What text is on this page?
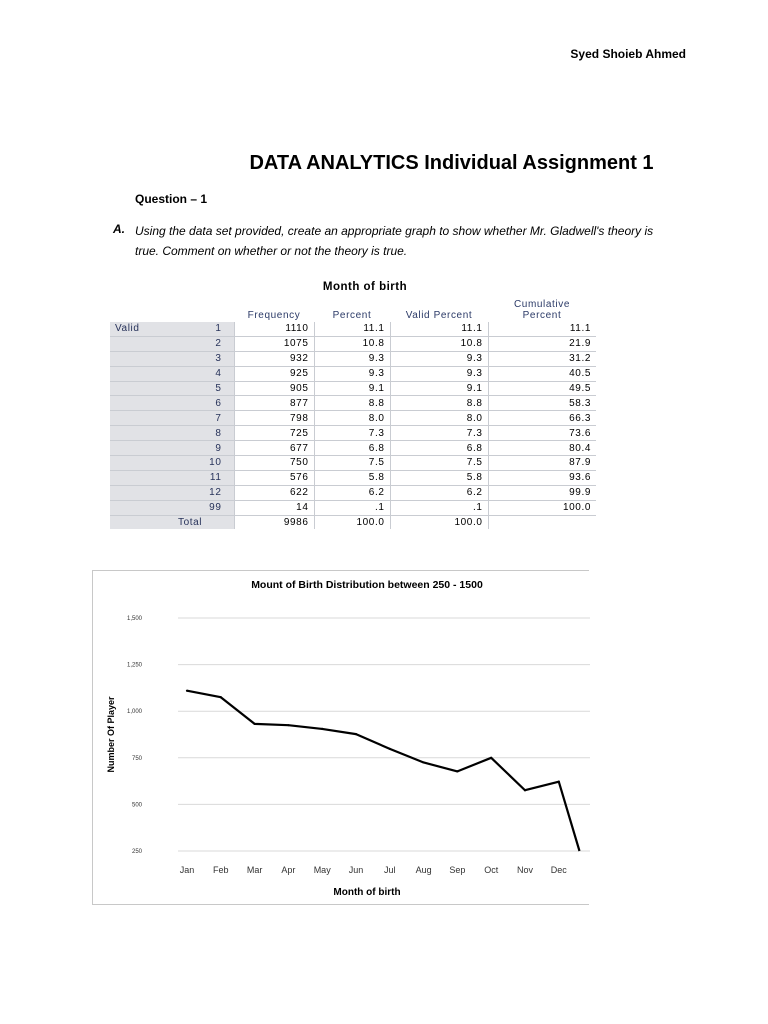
Syed Shoieb Ahmed
DATA ANALYTICS Individual Assignment 1
Question – 1
A. Using the data set provided, create an appropriate graph to show whether Mr. Gladwell's theory is true. Comment on whether or not the theory is true.
Month of birth
		Frequency	Percent	Valid Percent	Cumulative
Percent
Valid	1	1110	11.1	11.1	11.1
	2	1075	10.8	10.8	21.9
	3	932	9.3	9.3	31.2
	4	925	9.3	9.3	40.5
	5	905	9.1	9.1	49.5
	6	877	8.8	8.8	58.3
	7	798	8.0	8.0	66.3
	8	725	7.3	7.3	73.6
	9	677	6.8	6.8	80.4
	10	750	7.5	7.5	87.9
	11	576	5.8	5.8	93.6
	12	622	6.2	6.2	99.9
	99	14	.1	.1	100.0
Total		9986	100.0	100.0	
Mount of Birth Distribution between 250 - 1500
250
500
750
1,000
1,250
1,500
Jan Feb Mar Apr May Jun Jul Aug Sep Oct Nov Dec
Month of birth
Number Of Player
